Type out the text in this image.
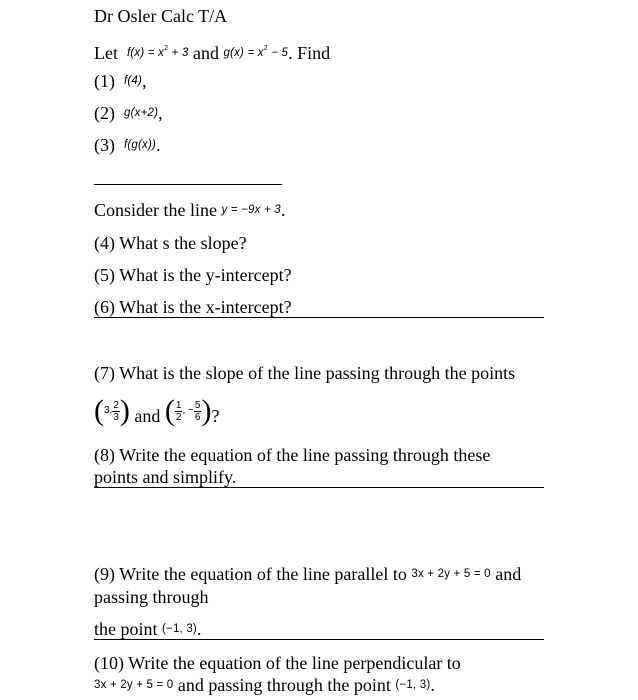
Dr Osler Calc T/A
Let $f(x) = x^2 + 3$ and $g(x) = x^2 - 5$. Find
(1) f(4),
(2) g(x+2),
(3) f(g(x)).
Consider the line y = −9x + 3.
(4) What s the slope?
(5) What is the y-intercept?
(6) What is the x-intercept?
(7) What is the slope of the line passing through the points
( 3, $\frac{2}{3}$ ) and ( $\frac{1}{2}$ , − $\frac{5}{6}$ ) ?
(8) Write the equation of the line passing through these
points and simplify.
(9) Write the equation of the line parallel to 3x + 2y + 5 = 0 and
passing through
the point (−1, 3).
(10) Write the equation of the line perpendicular to
3x + 2y + 5 = 0 and passing through the point (−1, 3).
